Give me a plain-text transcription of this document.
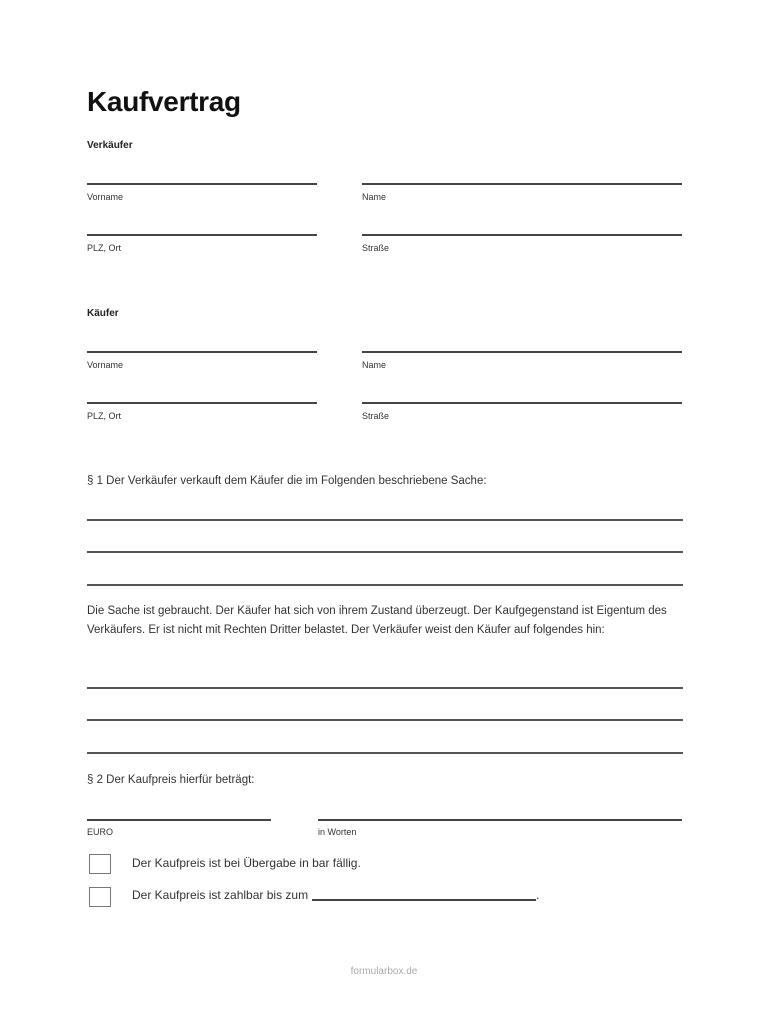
Kaufvertrag
Verkäufer
Vorname	Name
PLZ, Ort	Straße
Käufer
Vorname	Name
PLZ, Ort	Straße
§ 1 Der Verkäufer verkauft dem Käufer die im Folgenden beschriebene Sache:
Die Sache ist gebraucht. Der Käufer hat sich von ihrem Zustand überzeugt. Der Kaufgegenstand ist Eigentum des Verkäufers. Er ist nicht mit Rechten Dritter belastet. Der Verkäufer weist den Käufer auf folgendes hin:
§ 2 Der Kaufpreis hierfür beträgt:
EURO	in Worten
Der Kaufpreis ist bei Übergabe in bar fällig.
Der Kaufpreis ist zahlbar bis zum	.
formularbox.de
